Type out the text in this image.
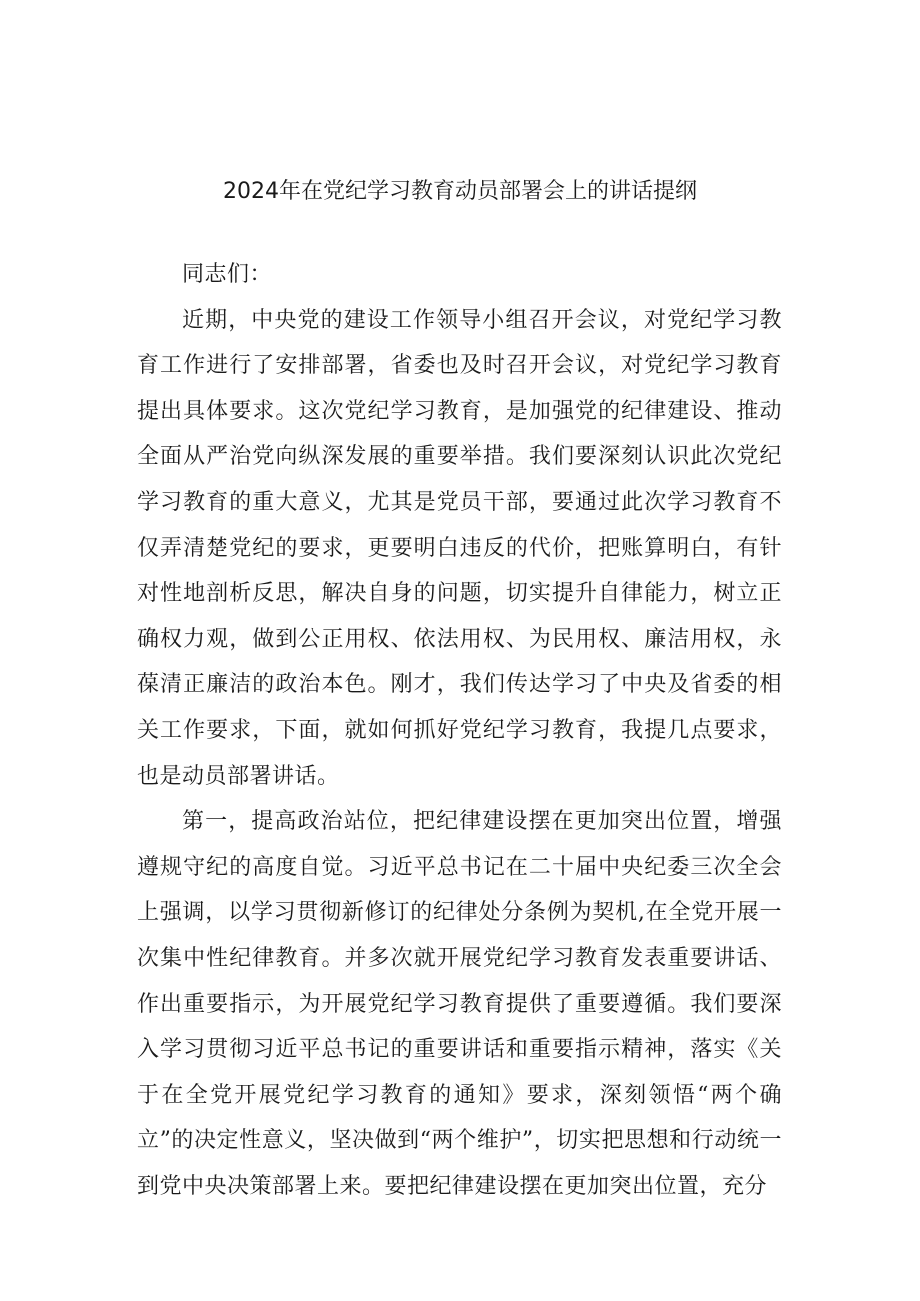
2024年在党纪学习教育动员部署会上的讲话提纲

同志们：

近期，中央党的建设工作领导小组召开会议，对党纪学习教育工作进行了安排部署，省委也及时召开会议，对党纪学习教育提出具体要求。这次党纪学习教育，是加强党的纪律建设、推动全面从严治党向纵深发展的重要举措。我们要深刻认识此次党纪学习教育的重大意义，尤其是党员干部，要通过此次学习教育不仅弄清楚党纪的要求，更要明白违反的代价，把账算明白，有针对性地剖析反思，解决自身的问题，切实提升自律能力，树立正确权力观，做到公正用权、依法用权、为民用权、廉洁用权，永葆清正廉洁的政治本色。刚才，我们传达学习了中央及省委的相关工作要求，下面，就如何抓好党纪学习教育，我提几点要求，也是动员部署讲话。

第一，提高政治站位，把纪律建设摆在更加突出位置，增强遵规守纪的高度自觉。习近平总书记在二十届中央纪委三次全会上强调，以学习贯彻新修订的纪律处分条例为契机,在全党开展一次集中性纪律教育。并多次就开展党纪学习教育发表重要讲话、作出重要指示，为开展党纪学习教育提供了重要遵循。我们要深入学习贯彻习近平总书记的重要讲话和重要指示精神，落实《关于在全党开展党纪学习教育的通知》要求，深刻领悟“两个确立”的决定性意义，坚决做到“两个维护”，切实把思想和行动统一到党中央决策部署上来。要把纪律建设摆在更加突出位置，充分
